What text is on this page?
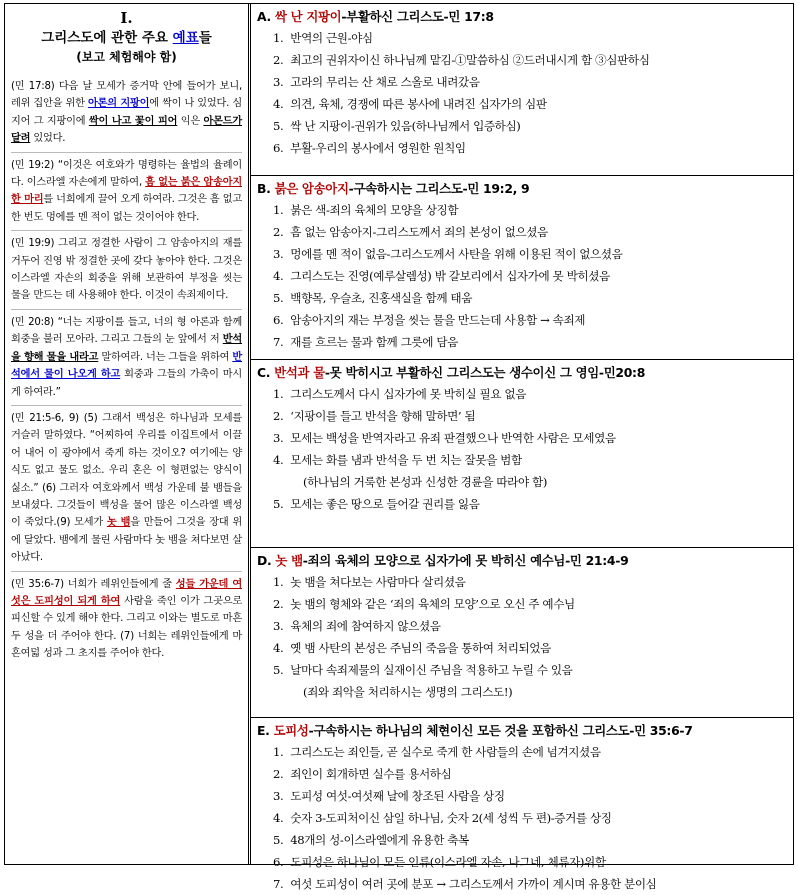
I.
그리스도에 관한 주요 예표들
(보고 체험해야 함)
(민 17:8) 다음 날 모세가 증거막 안에 들어가 보니, 레위 집안을 위한 아론의 지팡이에 싹이 나 있었다. 심지어 그 지팡이에 싹이 나고 꽃이 피어 익은 아몬드가 달려 있었다.
(민 19:2) “이것은 여호와가 명령하는 율법의 율례이다. 이스라엘 자손에게 말하여, 흠 없는 붉은 암송아지 한 마리를 너희에게 끌어 오게 하여라. 그것은 흠 없고 한 번도 멍에를 멘 적이 없는 것이어야 한다.
(민 19:9) 그리고 정결한 사람이 그 암송아지의 재를 거두어 진영 밖 정결한 곳에 갖다 놓아야 한다. 그것은 이스라엘 자손의 회중을 위해 보관하여 부정을 씻는 물을 만드는 데 사용해야 한다. 이것이 속죄제이다.
(민 20:8) “너는 지팡이를 들고, 너의 형 아론과 함께 회중을 불러 모아라. 그리고 그들의 눈 앞에서 저 반석을 향해 물을 내라고 말하여라. 너는 그들을 위하여 반석에서 물이 나오게 하고 회중과 그들의 가축이 마시게 하여라.”
(민 21:5-6, 9) (5) 그래서 백성은 하나님과 모세를 거슬러 말하였다. “어찌하여 우리를 이집트에서 이끌어 내어 이 광야에서 죽게 하는 것이오? 여기에는 양식도 없고 물도 없소. 우리 혼은 이 형편없는 양식이 싫소.” (6) 그러자 여호와께서 백성 가운데 불 뱀들을 보내셨다. 그것들이 백성을 물어 많은 이스라엘 백성이 죽었다.(9) 모세가 놋 뱀을 만들어 그것을 장대 위에 달았다. 뱀에게 물린 사람마다 놋 뱀을 쳐다보면 살아났다.
(민 35:6-7) 너희가 레위인들에게 줄 성들 가운데 여섯은 도피성이 되게 하여 사람을 죽인 이가 그곳으로 피신할 수 있게 해야 한다. 그리고 이와는 별도로 마흔두 성을 더 주어야 한다. (7) 너희는 레위인들에게 마흔여덟 성과 그 초지를 주어야 한다.
A. 싹 난 지팡이-부활하신 그리스도-민 17:8
1. 반역의 근원-야심
2. 최고의 권위자이신 하나님께 맡김-①말씀하심 ②드러내시게 함 ③심판하심
3. 고라의 무리는 산 채로 스올로 내려갔음
4. 의견, 육체, 경쟁에 따른 봉사에 내려진 십자가의 심판
5. 싹 난 지팡이-권위가 있음(하나님께서 입증하심)
6. 부활-우리의 봉사에서 영원한 원칙임
B. 붉은 암송아지-구속하시는 그리스도-민 19:2, 9
1. 붉은 색-죄의 육체의 모양을 상징함
2. 흠 없는 암송아지-그리스도께서 죄의 본성이 없으셨음
3. 멍에를 멘 적이 없음-그리스도께서 사탄을 위해 이용된 적이 없으셨음
4. 그리스도는 진영(예루살렘성) 밖 갈보리에서 십자가에 못 박히셨음
5. 백향목, 우슬초, 진홍색실을 함께 태움
6. 암송아지의 재는 부정을 씻는 물을 만드는데 사용함 → 속죄제
7. 재를 흐르는 물과 함께 그릇에 담음
C. 반석과 물-못 박히시고 부활하신 그리스도는 생수이신 그 영임-민20:8
1. 그리스도께서 다시 십자가에 못 박히실 필요 없음
2. ‘지팡이를 들고 반석을 향해 말하면’ 됨
3. 모세는 백성을 반역자라고 유죄 판결했으나 반역한 사람은 모세였음
4. 모세는 화를 냄과 반석을 두 번 치는 잘못을 범함
(하나님의 거룩한 본성과 신성한 경륜을 따라야 함)
5. 모세는 좋은 땅으로 들어갈 권리를 잃음
D. 놋 뱀-죄의 육체의 모양으로 십자가에 못 박히신 예수님-민 21:4-9
1. 놋 뱀을 쳐다보는 사람마다 살리셨음
2. 놋 뱀의 형체와 같은 ‘죄의 육체의 모양’으로 오신 주 예수님
3. 육체의 죄에 참여하지 않으셨음
4. 옛 뱀 사탄의 본성은 주님의 죽음을 통하여 처리되었음
5. 날마다 속죄제물의 실재이신 주님을 적용하고 누릴 수 있음
(죄와 죄악을 처리하시는 생명의 그리스도!)
E. 도피성-구속하시는 하나님의 체현이신 모든 것을 포함하신 그리스도-민 35:6-7
1. 그리스도는 죄인들, 곧 실수로 죽게 한 사람들의 손에 넘겨지셨음
2. 죄인이 회개하면 실수를 용서하심
3. 도피성 여섯-여섯째 날에 창조된 사람을 상징
4. 숫자 3-도피처이신 삼일 하나님, 숫자 2(세 성씩 두 편)-증거를 상징
5. 48개의 성-이스라엘에게 유용한 축복
6. 도피성은 하나님이 모든 인류(이스라엘 자손, 나그네, 체류자)위함
7. 여섯 도피성이 여러 곳에 분포 → 그리스도께서 가까이 계시며 유용한 분이심
